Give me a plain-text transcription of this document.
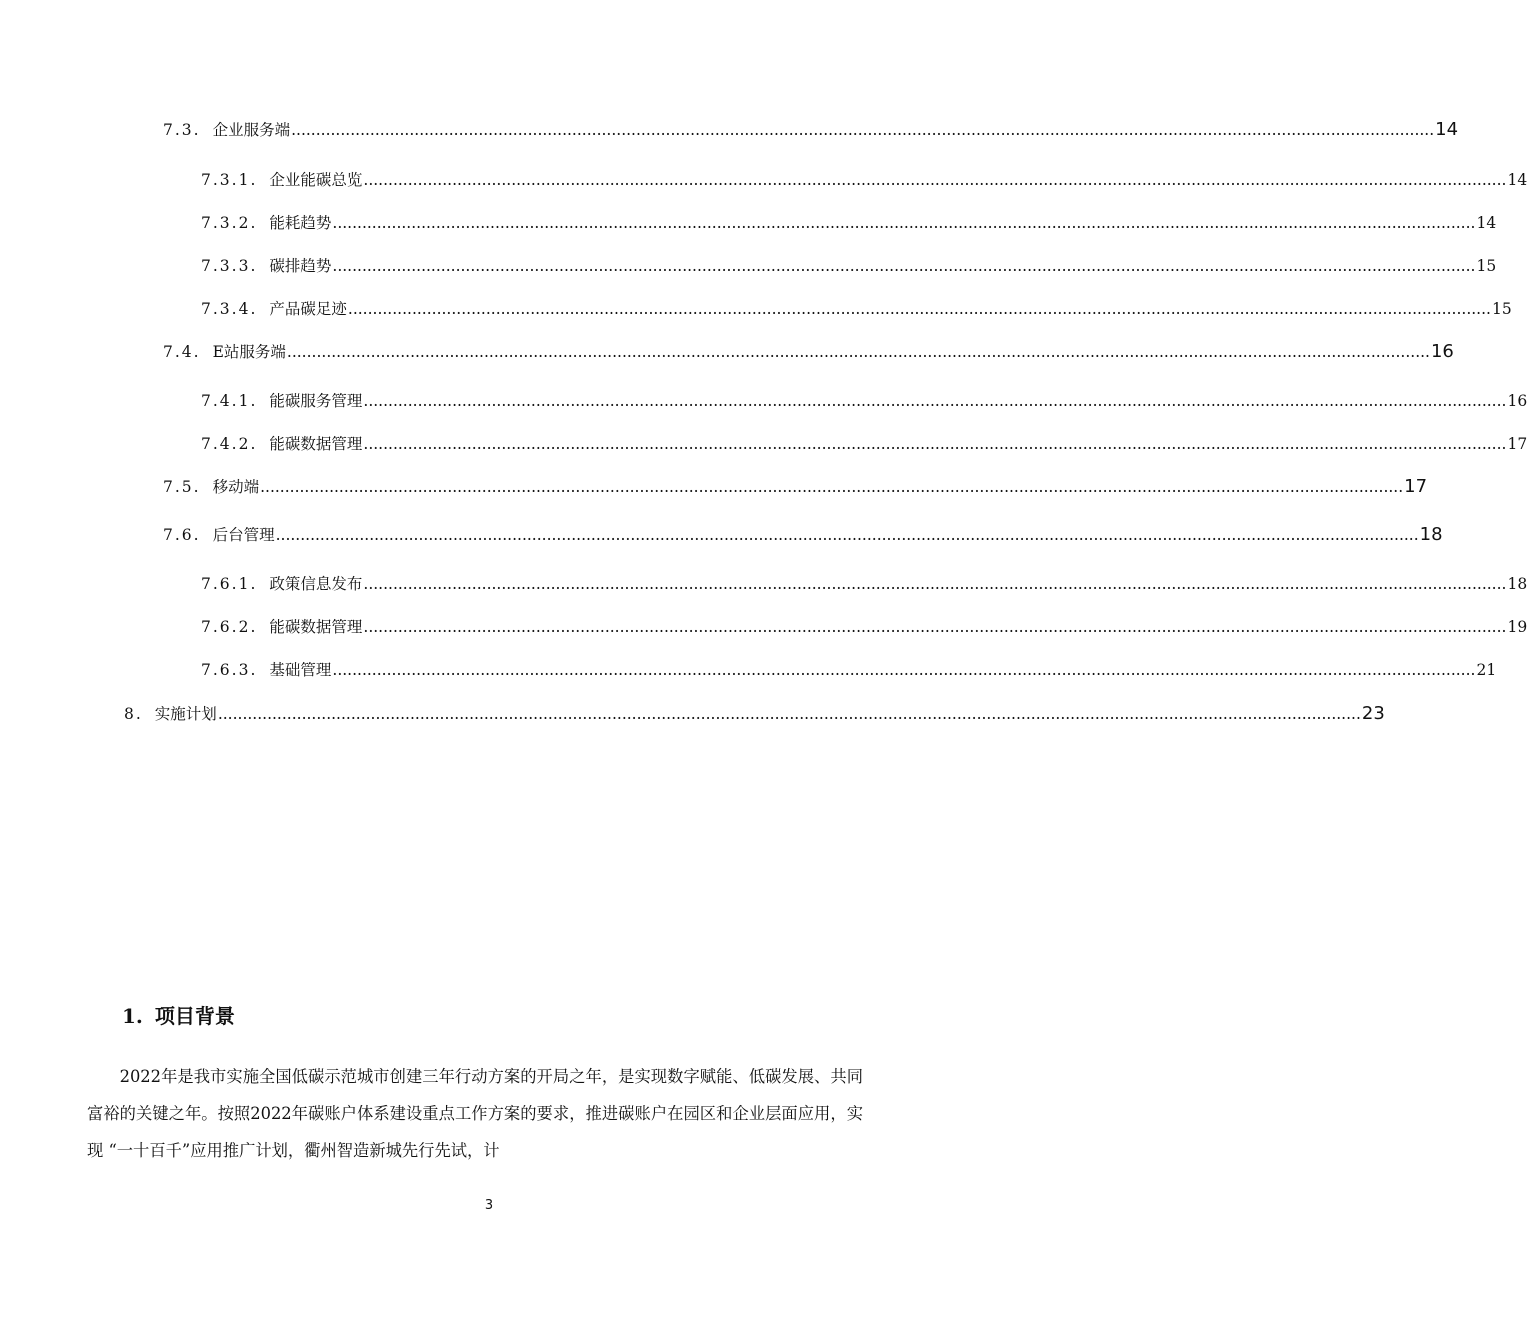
7.3. 企业服务端 ........................................................................................................................................................................................................................................ 14
7.3.1. 企业能碳总览 ........................................................................................................................................................................................................................................ 14
7.3.2. 能耗趋势 ........................................................................................................................................................................................................................................ 14
7.3.3. 碳排趋势 ........................................................................................................................................................................................................................................ 15
7.3.4. 产品碳足迹 ........................................................................................................................................................................................................................................ 15
7.4. E站服务端 ........................................................................................................................................................................................................................................ 16
7.4.1. 能碳服务管理 ........................................................................................................................................................................................................................................ 16
7.4.2. 能碳数据管理 ........................................................................................................................................................................................................................................ 17
7.5. 移动端 ........................................................................................................................................................................................................................................ 17
7.6. 后台管理 ........................................................................................................................................................................................................................................ 18
7.6.1. 政策信息发布 ........................................................................................................................................................................................................................................ 18
7.6.2. 能碳数据管理 ........................................................................................................................................................................................................................................ 19
7.6.3. 基础管理 ........................................................................................................................................................................................................................................ 21
8. 实施计划 ........................................................................................................................................................................................................................................ 23
1. 项目背景

2022年是我市实施全国低碳示范城市创建三年行动方案的开局之年，是实现数字赋能、低碳发展、共同富裕的关键之年。按照2022年碳账户体系建设重点工作方案的要求，推进碳账户在园区和企业层面应用，实现 “一十百千”应用推广计划，衢州智造新城先行先试，计

3
